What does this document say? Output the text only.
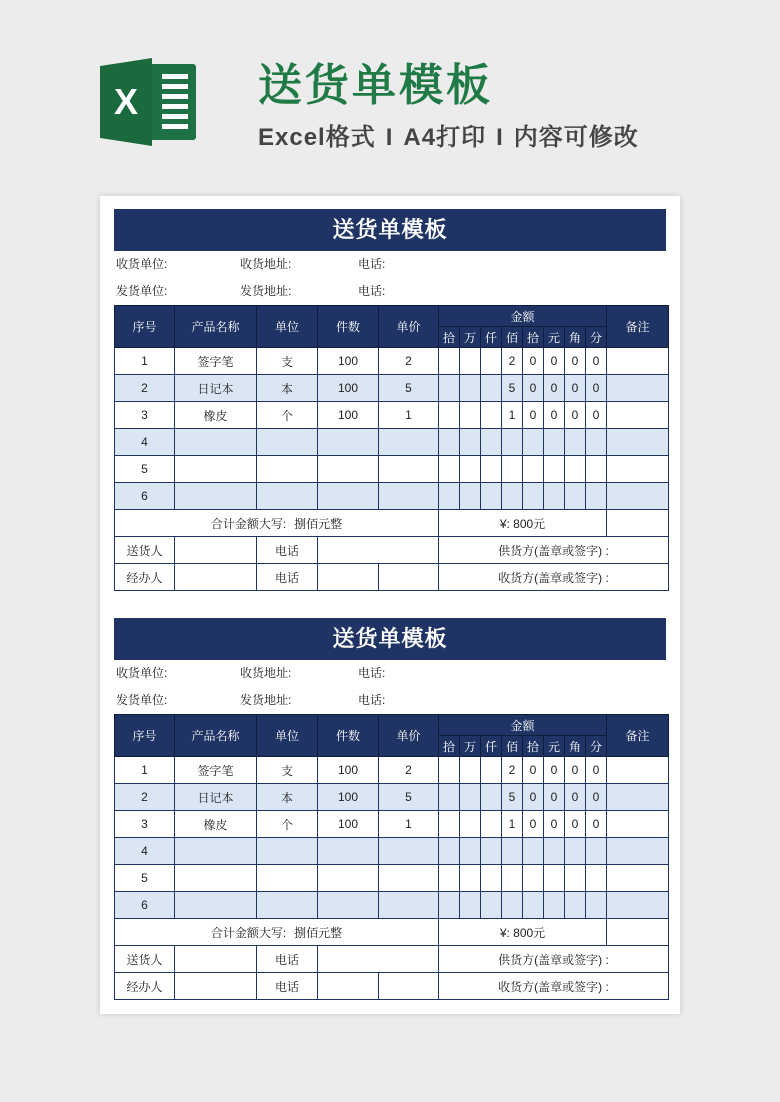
X	送货单模板
Excel格式 I A4打印 I 内容可修改
送货单模板
收货单位:	收货地址:	电话:
发货单位:	发货地址:	电话:
序号	产品名称	单位	件数	单价	金额								备注
					拾	万	仟	佰	拾	元	角	分	
1	签字笔	支	100	2				2	0	0	0	0	
2	日记本	本	100	5				5	0	0	0	0	
3	橡皮	个	100	1				1	0	0	0	0	
4													
5													
6													
合计金额大写: 捌佰元整					¥: 800元								
送货人		电话			供货方(盖章或签字) :								
经办人		电话			收货方(盖章或签字) :								
送货单模板
收货单位:	收货地址:	电话:
发货单位:	发货地址:	电话:
序号	产品名称	单位	件数	单价	金额								备注
					拾	万	仟	佰	拾	元	角	分	
1	签字笔	支	100	2				2	0	0	0	0	
2	日记本	本	100	5				5	0	0	0	0	
3	橡皮	个	100	1				1	0	0	0	0	
4													
5													
6													
合计金额大写: 捌佰元整					¥: 800元								
送货人		电话			供货方(盖章或签字) :								
经办人		电话			收货方(盖章或签字) :								
